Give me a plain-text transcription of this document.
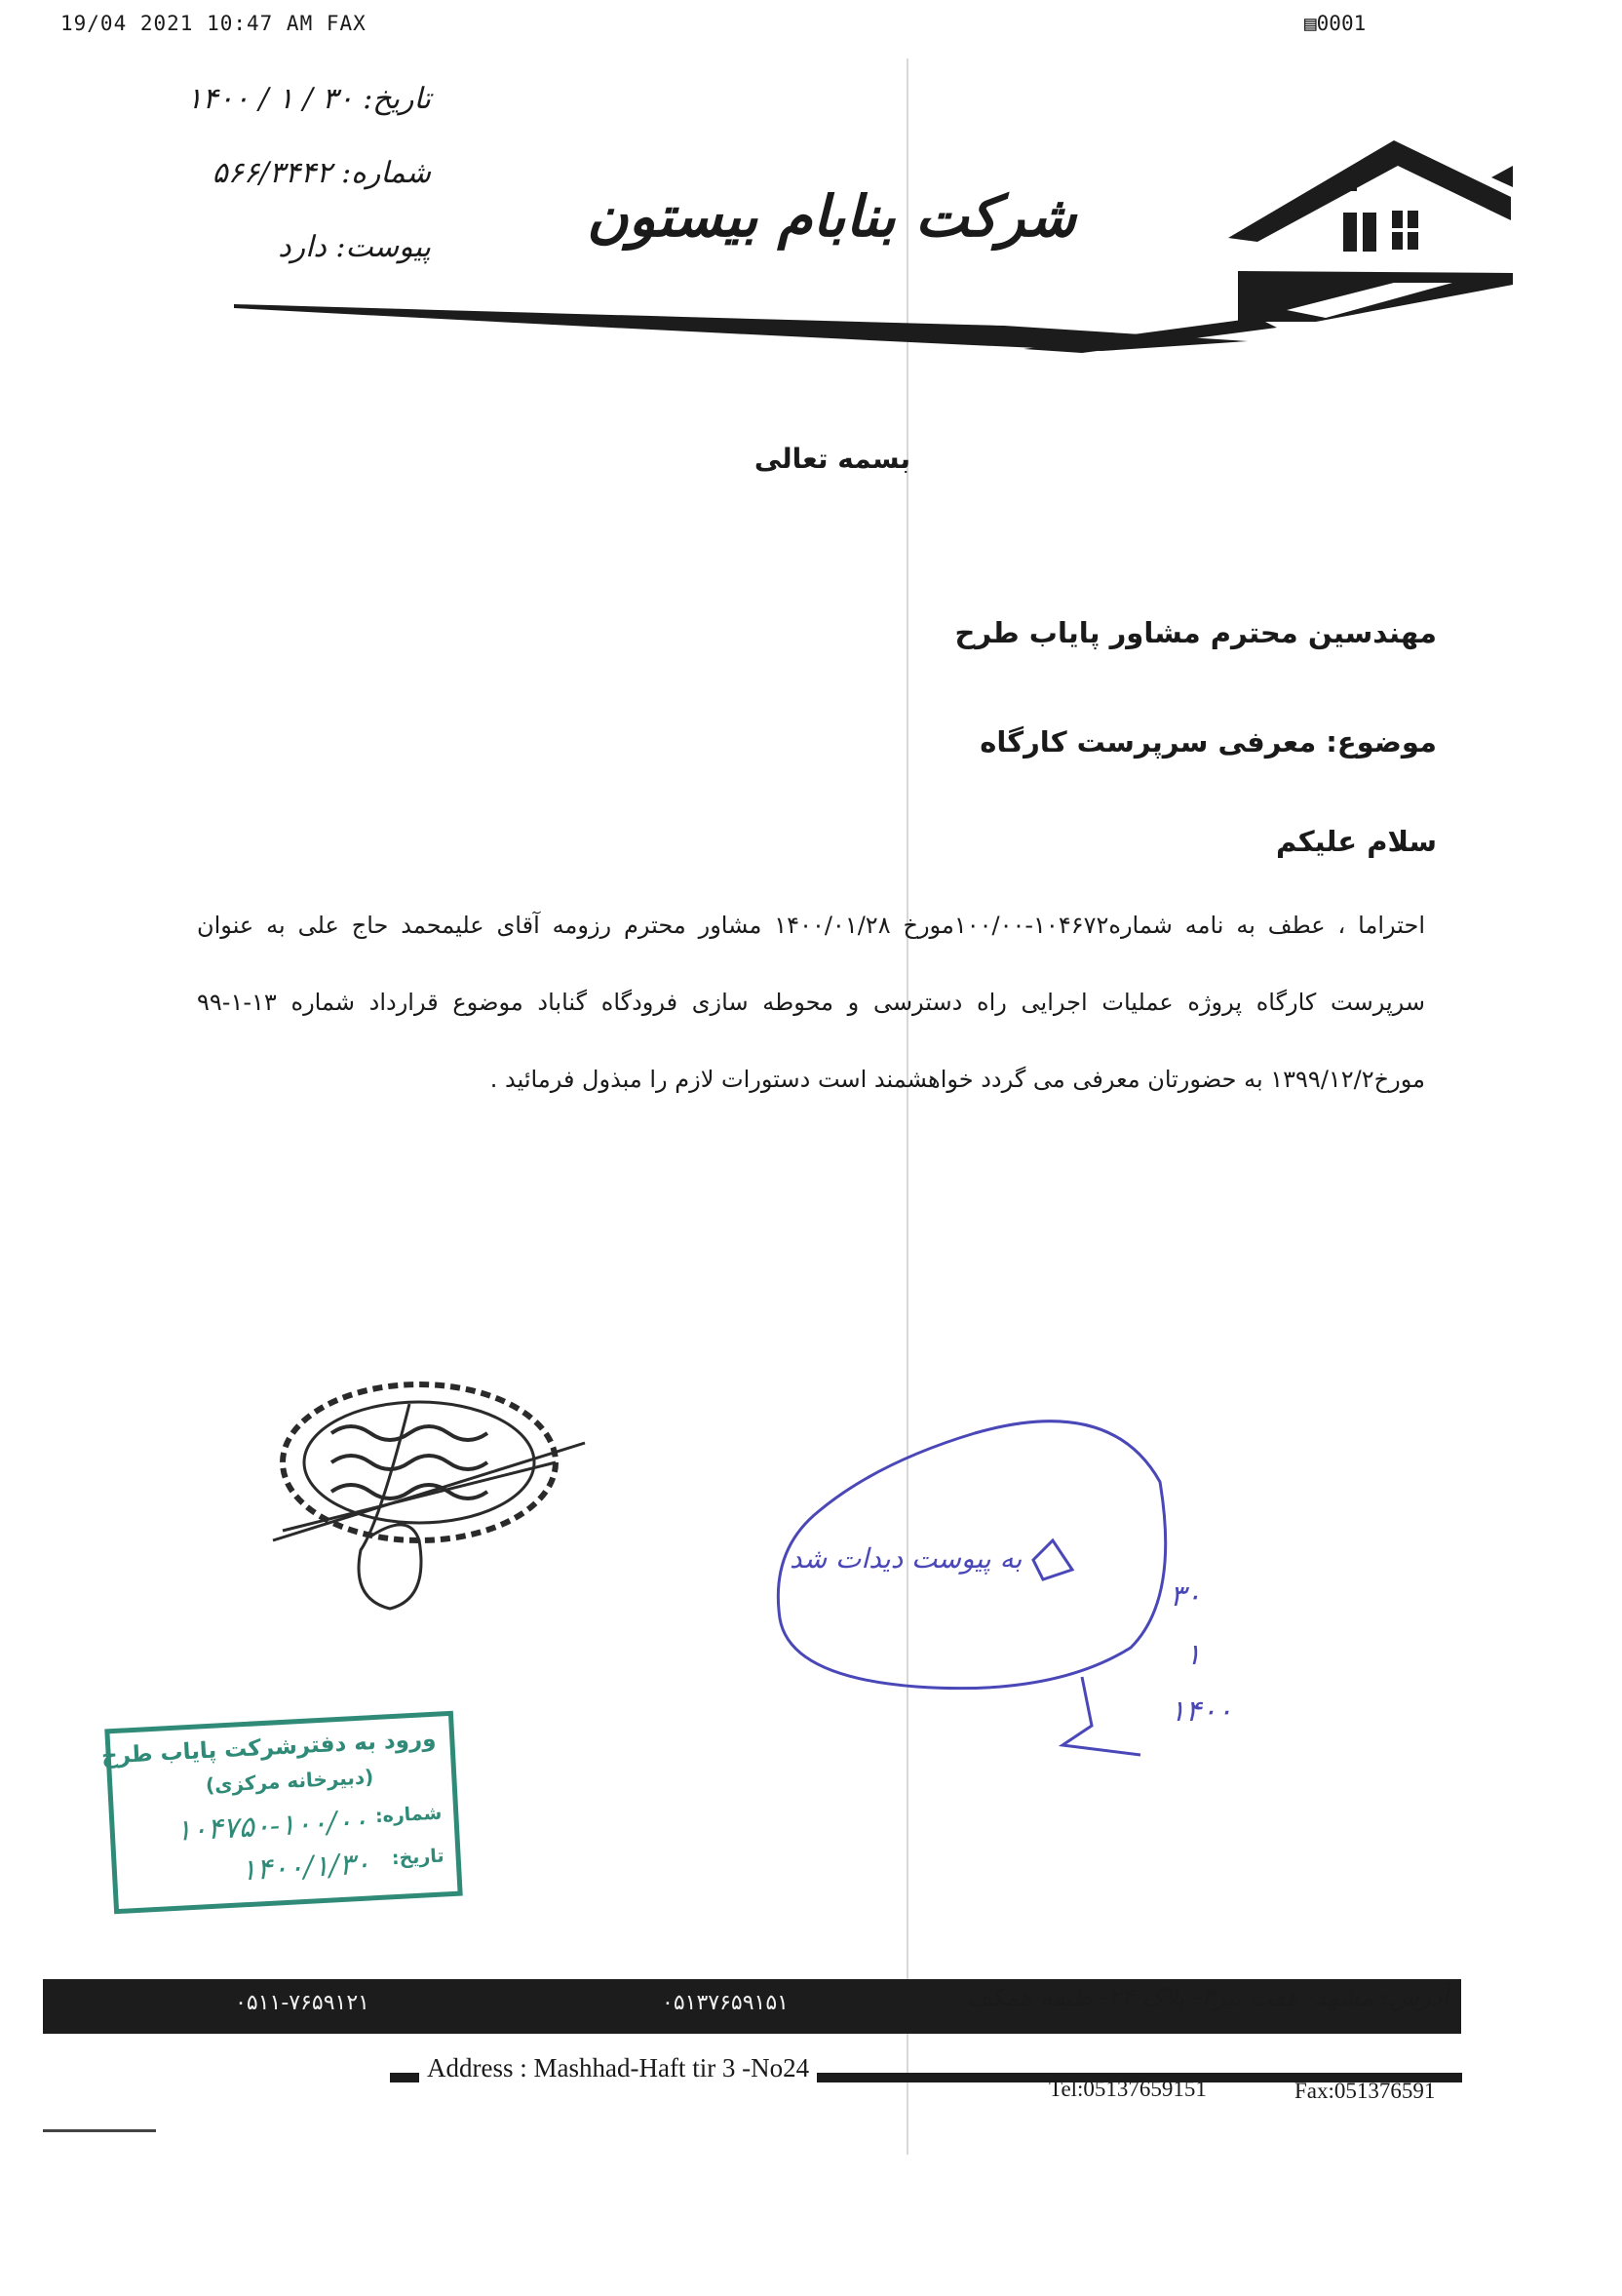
19/04 2021 10:47 AM FAX	▤0001
تاریخ: ۳۰ / ۱ / ۱۴۰۰
شماره: ۵۶۶/۳۴۴۲
پیوست: دارد	شرکت بنابام بیستون
بسمه تعالی
مهندسین محترم مشاور پایاب طرح
موضوع: معرفی سرپرست کارگاه
سلام علیکم
احتراما ، عطف به نامه شماره۱۰۴۶۷۲-۱۰۰/۰۰مورخ ۱۴۰۰/۰۱/۲۸ مشاور محترم رزومه آقای علیمحمد حاج علی به عنوان سرپرست کارگاه پروژه عملیات اجرایی راه دسترسی و محوطه سازی فرودگاه گناباد موضوع قرارداد شماره ۱۳-۱-۹۹ مورخ۱۳۹۹/۱۲/۲ به حضورتان معرفی می گردد خواهشمند است دستورات لازم را مبذول فرمائید .
به پیوست دیدات شد
۳۰
۱
۱۴۰۰
ورود به دفترشرکت پایاب طرح
(دبیرخانه مرکزی)
شماره:
۱۰۴۷۵۰-۱۰۰/۰۰
تاریخ:
۱۴۰۰/۱/۳۰
۰۵۱۱-۷۶۵۹۱۲۱	۰۵۱۳۷۶۵۹۱۵۱	آدرس: مشهد- هفت تیر۳- پلاک ۲۴- طبقه همکف
Address : Mashhad-Haft tir 3 -No24
Tel:05137659151	Fax:051376591
